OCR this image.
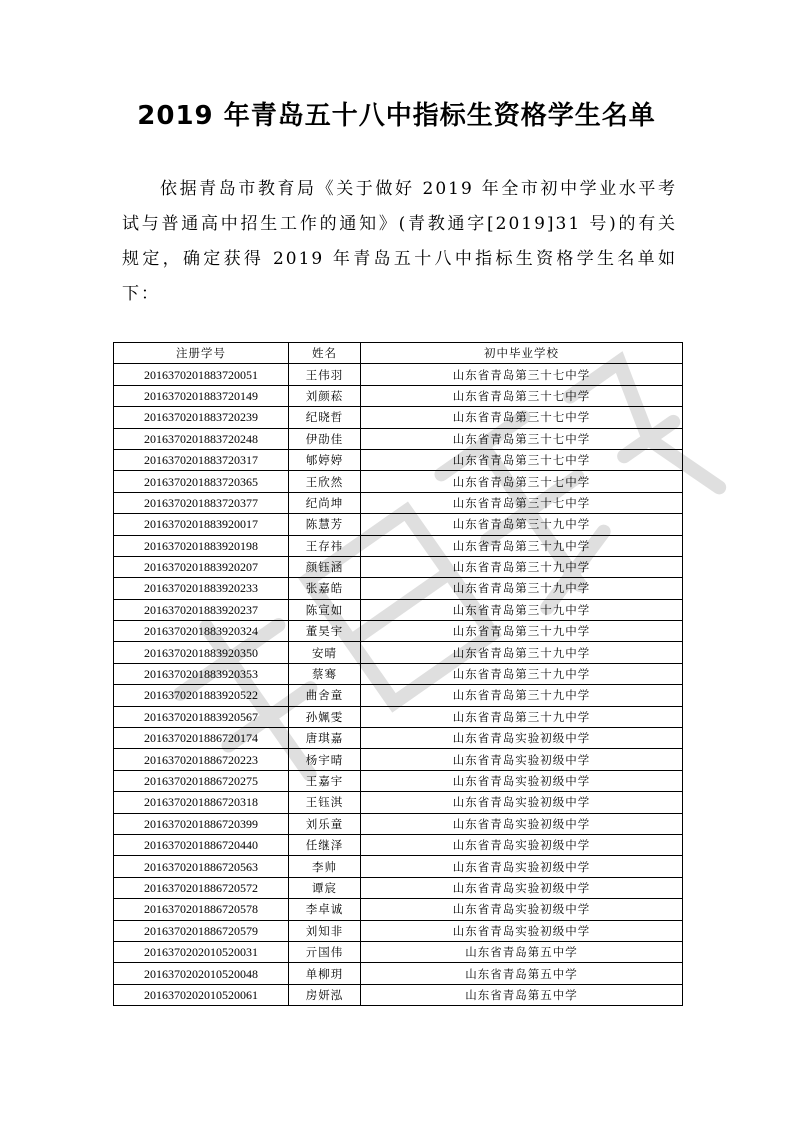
2019 年青岛五十八中指标生资格学生名单

依据青岛市教育局《关于做好 2019 年全市初中学业水平考试与普通高中招生工作的通知》(青教通字[2019]31 号)的有关规定，确定获得 2019 年青岛五十八中指标生资格学生名单如下：

注册学号	姓名	初中毕业学校
2016370201883720051	王伟羽	山东省青岛第三十七中学
2016370201883720149	刘颜菘	山东省青岛第三十七中学
2016370201883720239	纪晓哲	山东省青岛第三十七中学
2016370201883720248	伊劭佳	山东省青岛第三十七中学
2016370201883720317	郇婷婷	山东省青岛第三十七中学
2016370201883720365	王欣然	山东省青岛第三十七中学
2016370201883720377	纪尚坤	山东省青岛第三十七中学
2016370201883920017	陈慧芳	山东省青岛第三十九中学
2016370201883920198	王存祎	山东省青岛第三十九中学
2016370201883920207	颜钰涵	山东省青岛第三十九中学
2016370201883920233	张嘉皓	山东省青岛第三十九中学
2016370201883920237	陈宣如	山东省青岛第三十九中学
2016370201883920324	董昊宇	山东省青岛第三十九中学
2016370201883920350	安晴	山东省青岛第三十九中学
2016370201883920353	蔡骞	山东省青岛第三十九中学
2016370201883920522	曲舍童	山东省青岛第三十九中学
2016370201883920567	孙姵雯	山东省青岛第三十九中学
2016370201886720174	唐琪嘉	山东省青岛实验初级中学
2016370201886720223	杨宇晴	山东省青岛实验初级中学
2016370201886720275	王嘉宇	山东省青岛实验初级中学
2016370201886720318	王钰淇	山东省青岛实验初级中学
2016370201886720399	刘乐童	山东省青岛实验初级中学
2016370201886720440	任继泽	山东省青岛实验初级中学
2016370201886720563	李帅	山东省青岛实验初级中学
2016370201886720572	谭宸	山东省青岛实验初级中学
2016370201886720578	李卓诚	山东省青岛实验初级中学
2016370201886720579	刘知非	山东省青岛实验初级中学
2016370202010520031	亓国伟	山东省青岛第五中学
2016370202010520048	单柳玥	山东省青岛第五中学
2016370202010520061	房妍泓	山东省青岛第五中学
